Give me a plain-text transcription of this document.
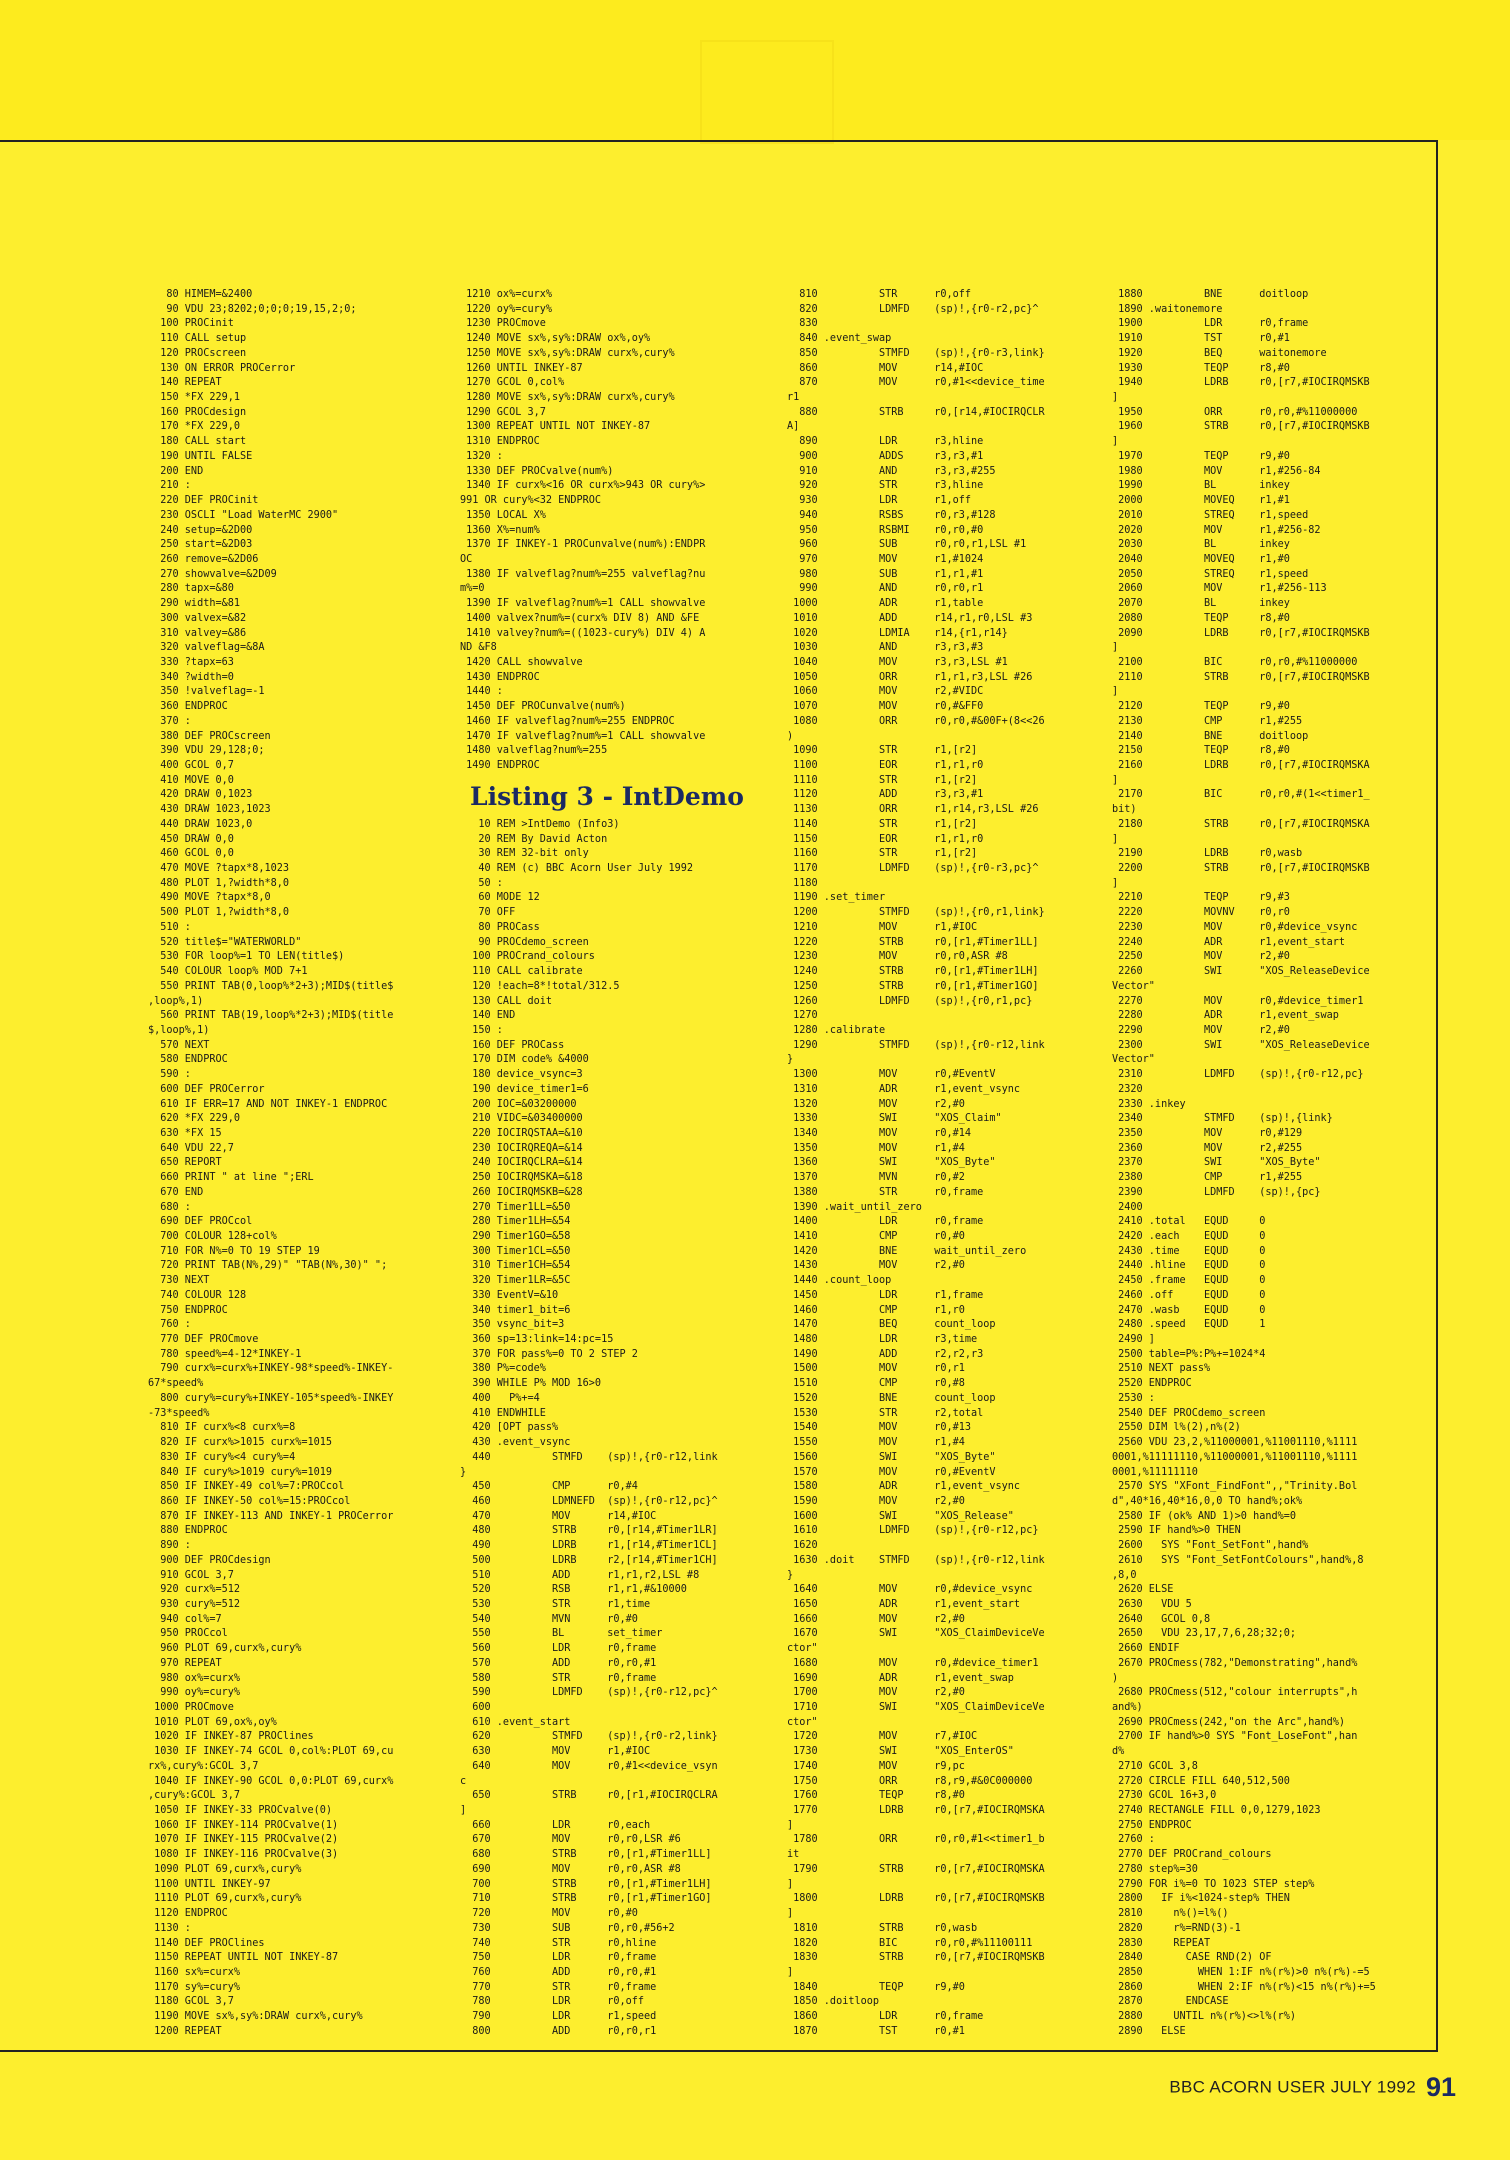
80 HIMEM=&2400
90 VDU 23;8202;0;0;0;19,15,2;0;
100 PROCinit
110 CALL setup
120 PROCscreen
130 ON ERROR PROCerror
140 REPEAT
150 *FX 229,1
160 PROCdesign
170 *FX 229,0
180 CALL start
190 UNTIL FALSE
200 END
210 :
220 DEF PROCinit
230 OSCLI "Load WaterMC 2900"
240 setup=&2D00
250 start=&2D03
260 remove=&2D06
270 showvalve=&2D09
280 tapx=&80
290 width=&81
300 valvex=&82
310 valvey=&86
320 valveflag=&8A
330 ?tapx=63
340 ?width=0
350 !valveflag=-1
360 ENDPROC
370 :
380 DEF PROCscreen
390 VDU 29,128;0;
400 GCOL 0,7
410 MOVE 0,0
420 DRAW 0,1023
430 DRAW 1023,1023
440 DRAW 1023,0
450 DRAW 0,0
460 GCOL 0,0
470 MOVE ?tapx*8,1023
480 PLOT 1,?width*8,0
490 MOVE ?tapx*8,0
500 PLOT 1,?width*8,0
510 :
520 title$="WATERWORLD"
530 FOR loop%=1 TO LEN(title$)
540 COLOUR loop% MOD 7+1
550 PRINT TAB(0,loop%*2+3);MID$(title$
,loop%,1)
560 PRINT TAB(19,loop%*2+3);MID$(title
$,loop%,1)
570 NEXT
580 ENDPROC
590 :
600 DEF PROCerror
610 IF ERR=17 AND NOT INKEY-1 ENDPROC
620 *FX 229,0
630 *FX 15
640 VDU 22,7
650 REPORT
660 PRINT " at line ";ERL
670 END
680 :
690 DEF PROCcol
700 COLOUR 128+col%
710 FOR N%=0 TO 19 STEP 19
720 PRINT TAB(N%,29)" "TAB(N%,30)" ";
730 NEXT
740 COLOUR 128
750 ENDPROC
760 :
770 DEF PROCmove
780 speed%=4-12*INKEY-1
790 curx%=curx%+INKEY-98*speed%-INKEY-
67*speed%
800 cury%=cury%+INKEY-105*speed%-INKEY
-73*speed%
810 IF curx%<8 curx%=8
820 IF curx%>1015 curx%=1015
830 IF cury%<4 cury%=4
840 IF cury%>1019 cury%=1019
850 IF INKEY-49 col%=7:PROCcol
860 IF INKEY-50 col%=15:PROCcol
870 IF INKEY-113 AND INKEY-1 PROCerror
880 ENDPROC
890 :
900 DEF PROCdesign
910 GCOL 3,7
920 curx%=512
930 cury%=512
940 col%=7
950 PROCcol
960 PLOT 69,curx%,cury%
970 REPEAT
980 ox%=curx%
990 oy%=cury%
1000 PROCmove
1010 PLOT 69,ox%,oy%
1020 IF INKEY-87 PROClines
1030 IF INKEY-74 GCOL 0,col%:PLOT 69,cu
rx%,cury%:GCOL 3,7
1040 IF INKEY-90 GCOL 0,0:PLOT 69,curx%
,cury%:GCOL 3,7
1050 IF INKEY-33 PROCvalve(0)
1060 IF INKEY-114 PROCvalve(1)
1070 IF INKEY-115 PROCvalve(2)
1080 IF INKEY-116 PROCvalve(3)
1090 PLOT 69,curx%,cury%
1100 UNTIL INKEY-97
1110 PLOT 69,curx%,cury%
1120 ENDPROC
1130 :
1140 DEF PROClines
1150 REPEAT UNTIL NOT INKEY-87
1160 sx%=curx%
1170 sy%=cury%
1180 GCOL 3,7
1190 MOVE sx%,sy%:DRAW curx%,cury%
1200 REPEAT
1210 ox%=curx%
1220 oy%=cury%
1230 PROCmove
1240 MOVE sx%,sy%:DRAW ox%,oy%
1250 MOVE sx%,sy%:DRAW curx%,cury%
1260 UNTIL INKEY-87
1270 GCOL 0,col%
1280 MOVE sx%,sy%:DRAW curx%,cury%
1290 GCOL 3,7
1300 REPEAT UNTIL NOT INKEY-87
1310 ENDPROC
1320 :
1330 DEF PROCvalve(num%)
1340 IF curx%<16 OR curx%>943 OR cury%>
991 OR cury%<32 ENDPROC
1350 LOCAL X%
1360 X%=num%
1370 IF INKEY-1 PROCunvalve(num%):ENDPR
OC
1380 IF valveflag?num%=255 valveflag?nu
m%=0
1390 IF valveflag?num%=1 CALL showvalve
1400 valvex?num%=(curx% DIV 8) AND &FE
1410 valvey?num%=((1023-cury%) DIV 4) A
ND &F8
1420 CALL showvalve
1430 ENDPROC
1440 :
1450 DEF PROCunvalve(num%)
1460 IF valveflag?num%=255 ENDPROC
1470 IF valveflag?num%=1 CALL showvalve
1480 valveflag?num%=255
1490 ENDPROC

10 REM >IntDemo (Info3)
20 REM By David Acton
30 REM 32-bit only
40 REM (c) BBC Acorn User July 1992
50 :
60 MODE 12
70 OFF
80 PROCass
90 PROCdemo_screen
100 PROCrand_colours
110 CALL calibrate
120 !each=8*!total/312.5
130 CALL doit
140 END
150 :
160 DEF PROCass
170 DIM code% &4000
180 device_vsync=3
190 device_timer1=6
200 IOC=&03200000
210 VIDC=&03400000
220 IOCIRQSTAA=&10
230 IOCIRQREQA=&14
240 IOCIRQCLRA=&14
250 IOCIRQMSKA=&18
260 IOCIRQMSKB=&28
270 Timer1LL=&50
280 Timer1LH=&54
290 Timer1GO=&58
300 Timer1CL=&50
310 Timer1CH=&54
320 Timer1LR=&5C
330 EventV=&10
340 timer1_bit=6
350 vsync_bit=3
360 sp=13:link=14:pc=15
370 FOR pass%=0 TO 2 STEP 2
380 P%=code%
390 WHILE P% MOD 16>0
400   P%+=4
410 ENDWHILE
420 [OPT pass%
430 .event_vsync
440          STMFD    (sp)!,{r0-r12,link
}
450          CMP      r0,#4
460          LDMNEFD  (sp)!,{r0-r12,pc}^
470          MOV      r14,#IOC
480          STRB     r0,[r14,#Timer1LR]
490          LDRB     r1,[r14,#Timer1CL]
500          LDRB     r2,[r14,#Timer1CH]
510          ADD      r1,r1,r2,LSL #8
520          RSB      r1,r1,#&10000
530          STR      r1,time
540          MVN      r0,#0
550          BL       set_timer
560          LDR      r0,frame
570          ADD      r0,r0,#1
580          STR      r0,frame
590          LDMFD    (sp)!,{r0-r12,pc}^
600
610 .event_start
620          STMFD    (sp)!,{r0-r2,link}
630          MOV      r1,#IOC
640          MOV      r0,#1<<device_vsyn
c
650          STRB     r0,[r1,#IOCIRQCLRA
]
660          LDR      r0,each
670          MOV      r0,r0,LSR #6
680          STRB     r0,[r1,#Timer1LL]
690          MOV      r0,r0,ASR #8
700          STRB     r0,[r1,#Timer1LH]
710          STRB     r0,[r1,#Timer1GO]
720          MOV      r0,#0
730          SUB      r0,r0,#56+2
740          STR      r0,hline
750          LDR      r0,frame
760          ADD      r0,r0,#1
770          STR      r0,frame
780          LDR      r0,off
790          LDR      r1,speed
800          ADD      r0,r0,r1
810          STR      r0,off
820          LDMFD    (sp)!,{r0-r2,pc}^
830
840 .event_swap
850          STMFD    (sp)!,{r0-r3,link}
860          MOV      r14,#IOC
870          MOV      r0,#1<<device_time
r1
880          STRB     r0,[r14,#IOCIRQCLR
A]
890          LDR      r3,hline
900          ADDS     r3,r3,#1
910          AND      r3,r3,#255
920          STR      r3,hline
930          LDR      r1,off
940          RSBS     r0,r3,#128
950          RSBMI    r0,r0,#0
960          SUB      r0,r0,r1,LSL #1
970          MOV      r1,#1024
980          SUB      r1,r1,#1
990          AND      r0,r0,r1
1000          ADR      r1,table
1010          ADD      r14,r1,r0,LSL #3
1020          LDMIA    r14,{r1,r14}
1030          AND      r3,r3,#3
1040          MOV      r3,r3,LSL #1
1050          ORR      r1,r1,r3,LSL #26
1060          MOV      r2,#VIDC
1070          MOV      r0,#&FF0
1080          ORR      r0,r0,#&00F+(8<<26
)
1090          STR      r1,[r2]
1100          EOR      r1,r1,r0
1110          STR      r1,[r2]
1120          ADD      r3,r3,#1
1130          ORR      r1,r14,r3,LSL #26
1140          STR      r1,[r2]
1150          EOR      r1,r1,r0
1160          STR      r1,[r2]
1170          LDMFD    (sp)!,{r0-r3,pc}^
1180
1190 .set_timer
1200          STMFD    (sp)!,{r0,r1,link}
1210          MOV      r1,#IOC
1220          STRB     r0,[r1,#Timer1LL]
1230          MOV      r0,r0,ASR #8
1240          STRB     r0,[r1,#Timer1LH]
1250          STRB     r0,[r1,#Timer1GO]
1260          LDMFD    (sp)!,{r0,r1,pc}
1270
1280 .calibrate
1290          STMFD    (sp)!,{r0-r12,link
}
1300          MOV      r0,#EventV
1310          ADR      r1,event_vsync
1320          MOV      r2,#0
1330          SWI      "XOS_Claim"
1340          MOV      r0,#14
1350          MOV      r1,#4
1360          SWI      "XOS_Byte"
1370          MVN      r0,#2
1380          STR      r0,frame
1390 .wait_until_zero
1400          LDR      r0,frame
1410          CMP      r0,#0
1420          BNE      wait_until_zero
1430          MOV      r2,#0
1440 .count_loop
1450          LDR      r1,frame
1460          CMP      r1,r0
1470          BEQ      count_loop
1480          LDR      r3,time
1490          ADD      r2,r2,r3
1500          MOV      r0,r1
1510          CMP      r0,#8
1520          BNE      count_loop
1530          STR      r2,total
1540          MOV      r0,#13
1550          MOV      r1,#4
1560          SWI      "XOS_Byte"
1570          MOV      r0,#EventV
1580          ADR      r1,event_vsync
1590          MOV      r2,#0
1600          SWI      "XOS_Release"
1610          LDMFD    (sp)!,{r0-r12,pc}
1620
1630 .doit    STMFD    (sp)!,{r0-r12,link
}
1640          MOV      r0,#device_vsync
1650          ADR      r1,event_start
1660          MOV      r2,#0
1670          SWI      "XOS_ClaimDeviceVe
ctor"
1680          MOV      r0,#device_timer1
1690          ADR      r1,event_swap
1700          MOV      r2,#0
1710          SWI      "XOS_ClaimDeviceVe
ctor"
1720          MOV      r7,#IOC
1730          SWI      "XOS_EnterOS"
1740          MOV      r9,pc
1750          ORR      r8,r9,#&0C000000
1760          TEQP     r8,#0
1770          LDRB     r0,[r7,#IOCIRQMSKA
]
1780          ORR      r0,r0,#1<<timer1_b
it
1790          STRB     r0,[r7,#IOCIRQMSKA
]
1800          LDRB     r0,[r7,#IOCIRQMSKB
]
1810          STRB     r0,wasb
1820          BIC      r0,r0,#%11100111
1830          STRB     r0,[r7,#IOCIRQMSKB
]
1840          TEQP     r9,#0
1850 .doitloop
1860          LDR      r0,frame
1870          TST      r0,#1
1880          BNE      doitloop
1890 .waitonemore
1900          LDR      r0,frame
1910          TST      r0,#1
1920          BEQ      waitonemore
1930          TEQP     r8,#0
1940          LDRB     r0,[r7,#IOCIRQMSKB
]
1950          ORR      r0,r0,#%11000000
1960          STRB     r0,[r7,#IOCIRQMSKB
]
1970          TEQP     r9,#0
1980          MOV      r1,#256-84
1990          BL       inkey
2000          MOVEQ    r1,#1
2010          STREQ    r1,speed
2020          MOV      r1,#256-82
2030          BL       inkey
2040          MOVEQ    r1,#0
2050          STREQ    r1,speed
2060          MOV      r1,#256-113
2070          BL       inkey
2080          TEQP     r8,#0
2090          LDRB     r0,[r7,#IOCIRQMSKB
]
2100          BIC      r0,r0,#%11000000
2110          STRB     r0,[r7,#IOCIRQMSKB
]
2120          TEQP     r9,#0
2130          CMP      r1,#255
2140          BNE      doitloop
2150          TEQP     r8,#0
2160          LDRB     r0,[r7,#IOCIRQMSKA
]
2170          BIC      r0,r0,#(1<<timer1_
bit)
2180          STRB     r0,[r7,#IOCIRQMSKA
]
2190          LDRB     r0,wasb
2200          STRB     r0,[r7,#IOCIRQMSKB
]
2210          TEQP     r9,#3
2220          MOVNV    r0,r0
2230          MOV      r0,#device_vsync
2240          ADR      r1,event_start
2250          MOV      r2,#0
2260          SWI      "XOS_ReleaseDevice
Vector"
2270          MOV      r0,#device_timer1
2280          ADR      r1,event_swap
2290          MOV      r2,#0
2300          SWI      "XOS_ReleaseDevice
Vector"
2310          LDMFD    (sp)!,{r0-r12,pc}
2320
2330 .inkey
2340          STMFD    (sp)!,{link}
2350          MOV      r0,#129
2360          MOV      r2,#255
2370          SWI      "XOS_Byte"
2380          CMP      r1,#255
2390          LDMFD    (sp)!,{pc}
2400
2410 .total   EQUD     0
2420 .each    EQUD     0
2430 .time    EQUD     0
2440 .hline   EQUD     0
2450 .frame   EQUD     0
2460 .off     EQUD     0
2470 .wasb    EQUD     0
2480 .speed   EQUD     1
2490 ]
2500 table=P%:P%+=1024*4
2510 NEXT pass%
2520 ENDPROC
2530 :
2540 DEF PROCdemo_screen
2550 DIM l%(2),n%(2)
2560 VDU 23,2,%11000001,%11001110,%1111
0001,%11111110,%11000001,%11001110,%1111
0001,%11111110
2570 SYS "XFont_FindFont",,"Trinity.Bol
d",40*16,40*16,0,0 TO hand%;ok%
2580 IF (ok% AND 1)>0 hand%=0
2590 IF hand%>0 THEN
2600   SYS "Font_SetFont",hand%
2610   SYS "Font_SetFontColours",hand%,8
,8,0
2620 ELSE
2630   VDU 5
2640   GCOL 0,8
2650   VDU 23,17,7,6,28;32;0;
2660 ENDIF
2670 PROCmess(782,"Demonstrating",hand%
)
2680 PROCmess(512,"colour interrupts",h
and%)
2690 PROCmess(242,"on the Arc",hand%)
2700 IF hand%>0 SYS "Font_LoseFont",han
d%
2710 GCOL 3,8
2720 CIRCLE FILL 640,512,500
2730 GCOL 16+3,0
2740 RECTANGLE FILL 0,0,1279,1023
2750 ENDPROC
2760 :
2770 DEF PROCrand_colours
2780 step%=30
2790 FOR i%=0 TO 1023 STEP step%
2800   IF i%<1024-step% THEN
2810     n%()=l%()
2820     r%=RND(3)-1
2830     REPEAT
2840       CASE RND(2) OF
2850         WHEN 1:IF n%(r%)>0 n%(r%)-=5
2860         WHEN 2:IF n%(r%)<15 n%(r%)+=5
2870       ENDCASE
2880     UNTIL n%(r%)<>l%(r%)
2890   ELSE
Listing 3 - IntDemo
BBC ACORN USER JULY 1992 91
